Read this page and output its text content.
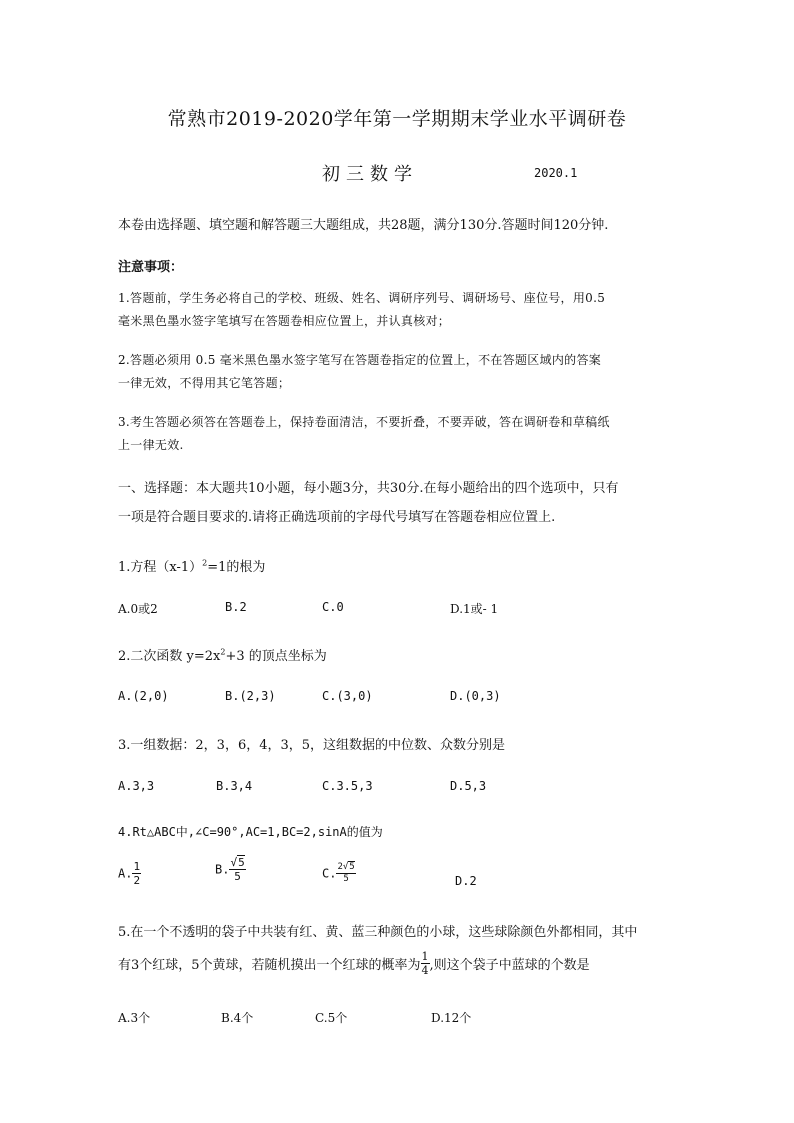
常熟市2019-2020学年第一学期期末学业水平调研卷
初三数学	2020.1
本卷由选择题、填空题和解答题三大题组成，共28题，满分130分.答题时间120分钟.
注意事项：
1.答题前，学生务必将自己的学校、班级、姓名、调研序列号、调研场号、座位号，用0.5
毫米黑色墨水签字笔填写在答题卷相应位置上，并认真核对；
2.答题必须用 0.5 毫米黑色墨水签字笔写在答题卷指定的位置上，不在答题区域内的答案
一律无效，不得用其它笔答题；
3.考生答题必须答在答题卷上，保持卷面清洁，不要折叠，不要弄破，答在调研卷和草稿纸
上一律无效.
一、选择题：本大题共10小题，每小题3分，共30分.在每小题给出的四个选项中，只有
一项是符合题目要求的.请将正确选项前的字母代号填写在答题卷相应位置上.
1.方程$(x-1)^2=1$的根为
A.0或2	B.2	C.0	D.1或- 1
2.二次函数 $y=2x^2+3$ 的顶点坐标为
A.(2,0)	B.(2,3)	C.(3,0)	D.(0,3)
3.一组数据：2，3，6，4，3，5，这组数据的中位数、众数分别是
A.3,3	B.3,4	C.3.5,3	D.5,3
4.Rt△ABC中,∠C=90°,AC=1,BC=2,sinA的值为
A. $\frac{1}{2}$	B. $\frac{√5}{5}$	C. $\frac{2√5}{5}$	D.2
5.在一个不透明的袋子中共装有红、黄、蓝三种颜色的小球，这些球除颜色外都相同，其中
有3个红球，5个黄球，若随机摸出一个红球的概率为 $\frac{1}{4}$ ,则这个袋子中蓝球的个数是
A.3个	B.4个	C.5个	D.12个
